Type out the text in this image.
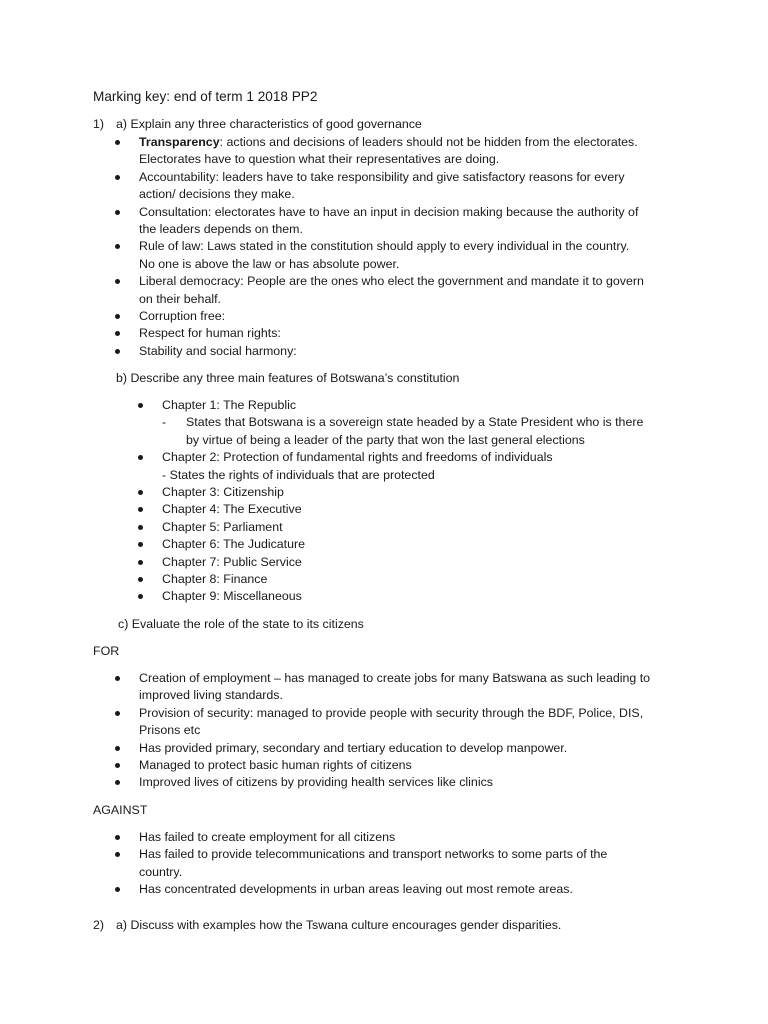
Marking key: end of term 1 2018 PP2
1) a) Explain any three characteristics of good governance
Transparency: actions and decisions of leaders should not be hidden from the electorates.
Electorates have to question what their representatives are doing.
Accountability: leaders have to take responsibility and give satisfactory reasons for every
action/ decisions they make.
Consultation: electorates have to have an input in decision making because the authority of
the leaders depends on them.
Rule of law: Laws stated in the constitution should apply to every individual in the country.
No one is above the law or has absolute power.
Liberal democracy: People are the ones who elect the government and mandate it to govern
on their behalf.
Corruption free:
Respect for human rights:
Stability and social harmony:
b) Describe any three main features of Botswana’s constitution
Chapter 1: The Republic
- States that Botswana is a sovereign state headed by a State President who is there
by virtue of being a leader of the party that won the last general elections
Chapter 2: Protection of fundamental rights and freedoms of individuals
- States the rights of individuals that are protected
Chapter 3: Citizenship
Chapter 4: The Executive
Chapter 5: Parliament
Chapter 6: The Judicature
Chapter 7: Public Service
Chapter 8: Finance
Chapter 9: Miscellaneous
c) Evaluate the role of the state to its citizens
FOR
Creation of employment – has managed to create jobs for many Batswana as such leading to
improved living standards.
Provision of security: managed to provide people with security through the BDF, Police, DIS,
Prisons etc
Has provided primary, secondary and tertiary education to develop manpower.
Managed to protect basic human rights of citizens
Improved lives of citizens by providing health services like clinics
AGAINST
Has failed to create employment for all citizens
Has failed to provide telecommunications and transport networks to some parts of the
country.
Has concentrated developments in urban areas leaving out most remote areas.
2) a) Discuss with examples how the Tswana culture encourages gender disparities.
